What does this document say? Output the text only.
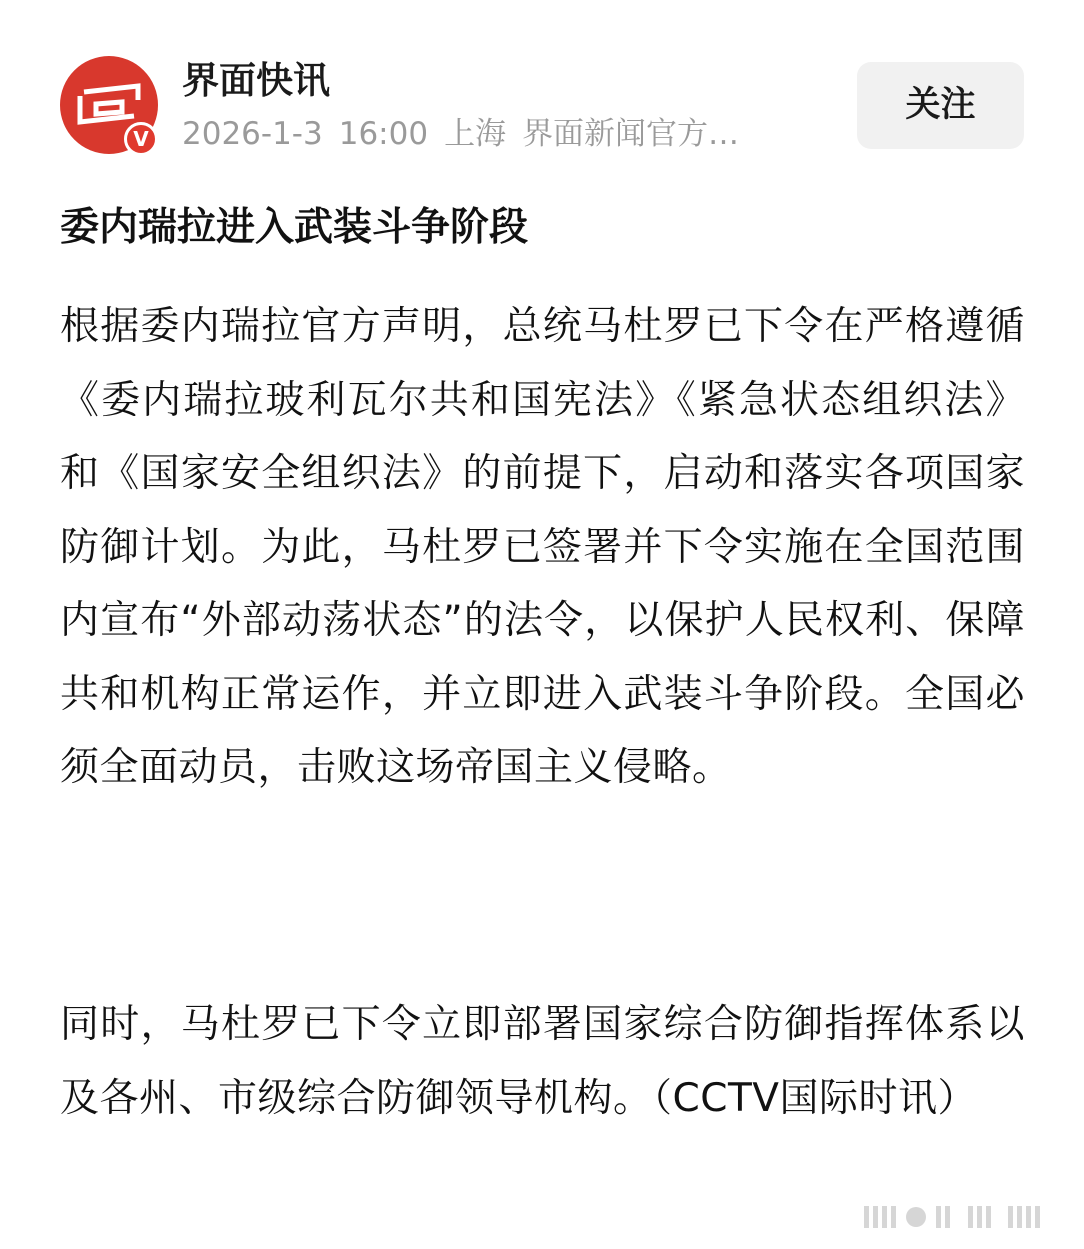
V
界面快讯
2026-1-3 16:00 上海 界面新闻官方…
关注
委内瑞拉进入武装斗争阶段

根据委内瑞拉官方声明，总统马杜罗已下令在严格遵循《委内瑞拉玻利瓦尔共和国宪法》《紧急状态组织法》和《国家安全组织法》的前提下，启动和落实各项国家防御计划。为此，马杜罗已签署并下令实施在全国范围内宣布“外部动荡状态”的法令，以保护人民权利、保障共和机构正常运作，并立即进入武装斗争阶段。全国必须全面动员，击败这场帝国主义侵略。

同时，马杜罗已下令立即部署国家综合防御指挥体系以及各州、市级综合防御领导机构。（CCTV国际时讯）
